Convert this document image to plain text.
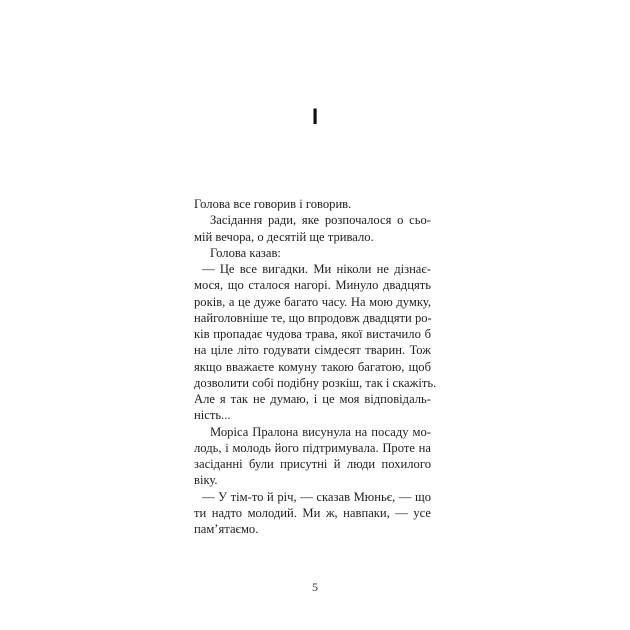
I
Голова все говорив і говорив.
Засідання ради, яке розпочалося о сьо-
мій вечора, о десятій ще тривало.
Голова казав:
— Це все вигадки. Ми ніколи не дізнає-
мося, що сталося нагорі. Минуло двадцять
років, а це дуже багато часу. На мою думку,
найголовніше те, що впродовж двадцяти ро-
ків пропадає чудова трава, якої вистачило б
на ціле літо годувати сімдесят тварин. Тож
якщо вважаєте комуну такою багатою, щоб
дозволити собі подібну розкіш, так і скажіть.
Але я так не думаю, і це моя відповідаль-
ність...
Моріса Пралона висунула на посаду мо-
лодь, і молодь його підтримувала. Проте на
засіданні були присутні й люди похилого
віку.
— У тім-то й річ, — сказав Мюньє, — що
ти надто молодий. Ми ж, навпаки, — усе
пам’ятаємо.
5
